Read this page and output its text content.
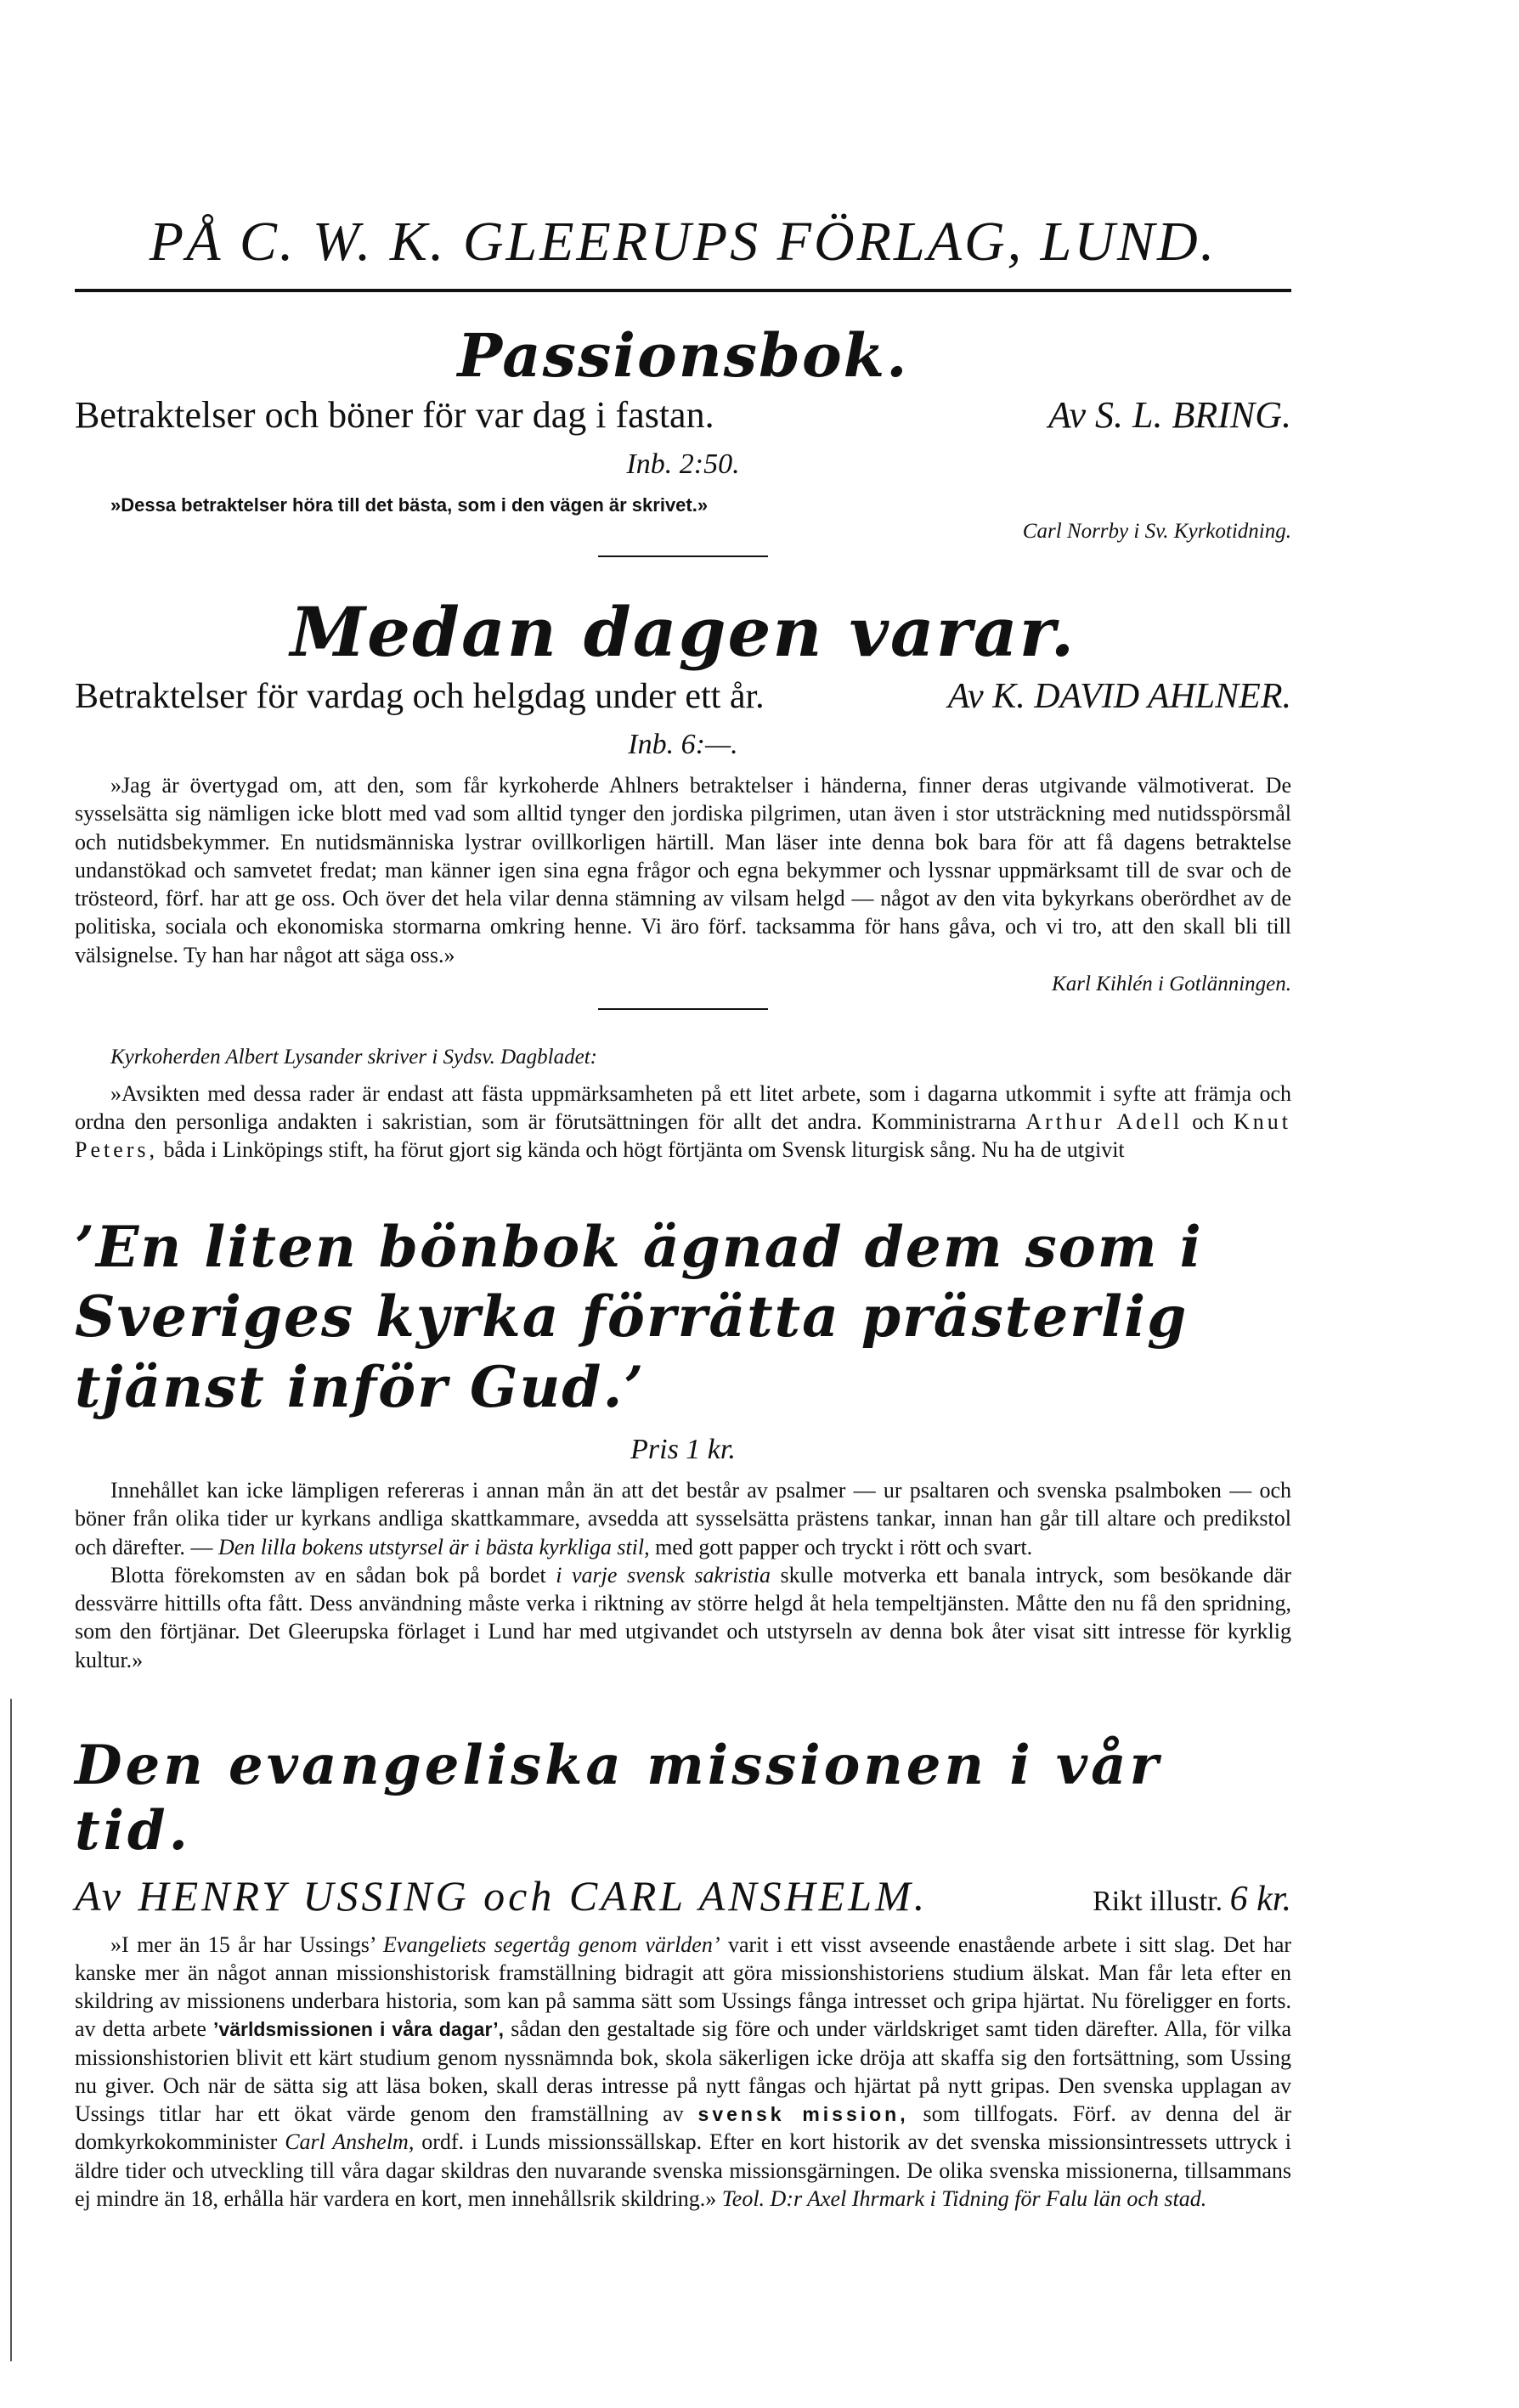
PÅ C. W. K. GLEERUPS FÖRLAG, LUND.
Passionsbok.
Betraktelser och böner för var dag i fastan.	Av S. L. BRING.
Inb. 2:50.
»Dessa betraktelser höra till det bästa, som i den vägen är skrivet.»
Carl Norrby i Sv. Kyrkotidning.
Medan dagen varar.
Betraktelser för vardag och helgdag under ett år.	Av K. DAVID AHLNER.
Inb. 6:—.

»Jag är övertygad om, att den, som får kyrkoherde Ahlners betraktelser i händerna, finner deras utgivande välmotiverat. De sysselsätta sig nämligen icke blott med vad som alltid tynger den jordiska pilgrimen, utan även i stor utsträckning med nutidsspörsmål och nutidsbekymmer. En nutidsmänniska lystrar ovillkorligen härtill. Man läser inte denna bok bara för att få dagens betraktelse undanstökad och samvetet fredat; man känner igen sina egna frågor och egna bekymmer och lyssnar uppmärksamt till de svar och de trösteord, förf. har att ge oss. Och över det hela vilar denna stämning av vilsam helgd — något av den vita bykyrkans oberördhet av de politiska, sociala och ekonomiska stormarna omkring henne. Vi äro förf. tacksamma för hans gåva, och vi tro, att den skall bli till välsignelse. Ty han har något att säga oss.»

Karl Kihlén i Gotlänningen.
Kyrkoherden Albert Lysander skriver i Sydsv. Dagbladet:

»Avsikten med dessa rader är endast att fästa uppmärksamheten på ett litet arbete, som i dagarna utkommit i syfte att främja och ordna den personliga andakten i sakristian, som är förutsättningen för allt det andra. Komministrarna Arthur Adell och Knut Peters, båda i Linköpings stift, ha förut gjort sig kända och högt förtjänta om Svensk liturgisk sång. Nu ha de utgivit

’En liten bönbok ägnad dem som i Sveriges kyrka förrätta prästerlig tjänst inför Gud.’
Pris 1 kr.

Innehållet kan icke lämpligen refereras i annan mån än att det består av psalmer — ur psaltaren och svenska psalmboken — och böner från olika tider ur kyrkans andliga skattkammare, avsedda att sysselsätta prästens tankar, innan han går till altare och predikstol och därefter. — Den lilla bokens utstyrsel är i bästa kyrkliga stil, med gott papper och tryckt i rött och svart.

Blotta förekomsten av en sådan bok på bordet i varje svensk sakristia skulle motverka ett banala intryck, som besökande där dessvärre hittills ofta fått. Dess användning måste verka i riktning av större helgd åt hela tempeltjänsten. Måtte den nu få den spridning, som den förtjänar. Det Gleerupska förlaget i Lund har med utgivandet och utstyrseln av denna bok åter visat sitt intresse för kyrklig kultur.»

Den evangeliska missionen i vår tid.
Av HENRY USSING och CARL ANSHELM.	Rikt illustr. 6 kr.

»I mer än 15 år har Ussings’ Evangeliets segertåg genom världen’ varit i ett visst avseende enastående arbete i sitt slag. Det har kanske mer än något annan missionshistorisk framställning bidragit att göra missionshistoriens studium älskat. Man får leta efter en skildring av missionens underbara historia, som kan på samma sätt som Ussings fånga intresset och gripa hjärtat. Nu föreligger en forts. av detta arbete ’världsmissionen i våra dagar’, sådan den gestaltade sig före och under världskriget samt tiden därefter. Alla, för vilka missionshistorien blivit ett kärt studium genom nyssnämnda bok, skola säkerligen icke dröja att skaffa sig den fortsättning, som Ussing nu giver. Och när de sätta sig att läsa boken, skall deras intresse på nytt fångas och hjärtat på nytt gripas. Den svenska upplagan av Ussings titlar har ett ökat värde genom den framställning av svensk mission, som tillfogats. Förf. av denna del är domkyrkokomminister Carl Anshelm, ordf. i Lunds missionssällskap. Efter en kort historik av det svenska missionsintressets uttryck i äldre tider och utveckling till våra dagar skildras den nuvarande svenska missionsgärningen. De olika svenska missionerna, tillsammans ej mindre än 18, erhålla här vardera en kort, men innehållsrik skildring.» Teol. D:r Axel Ihrmark i Tidning för Falu län och stad.
